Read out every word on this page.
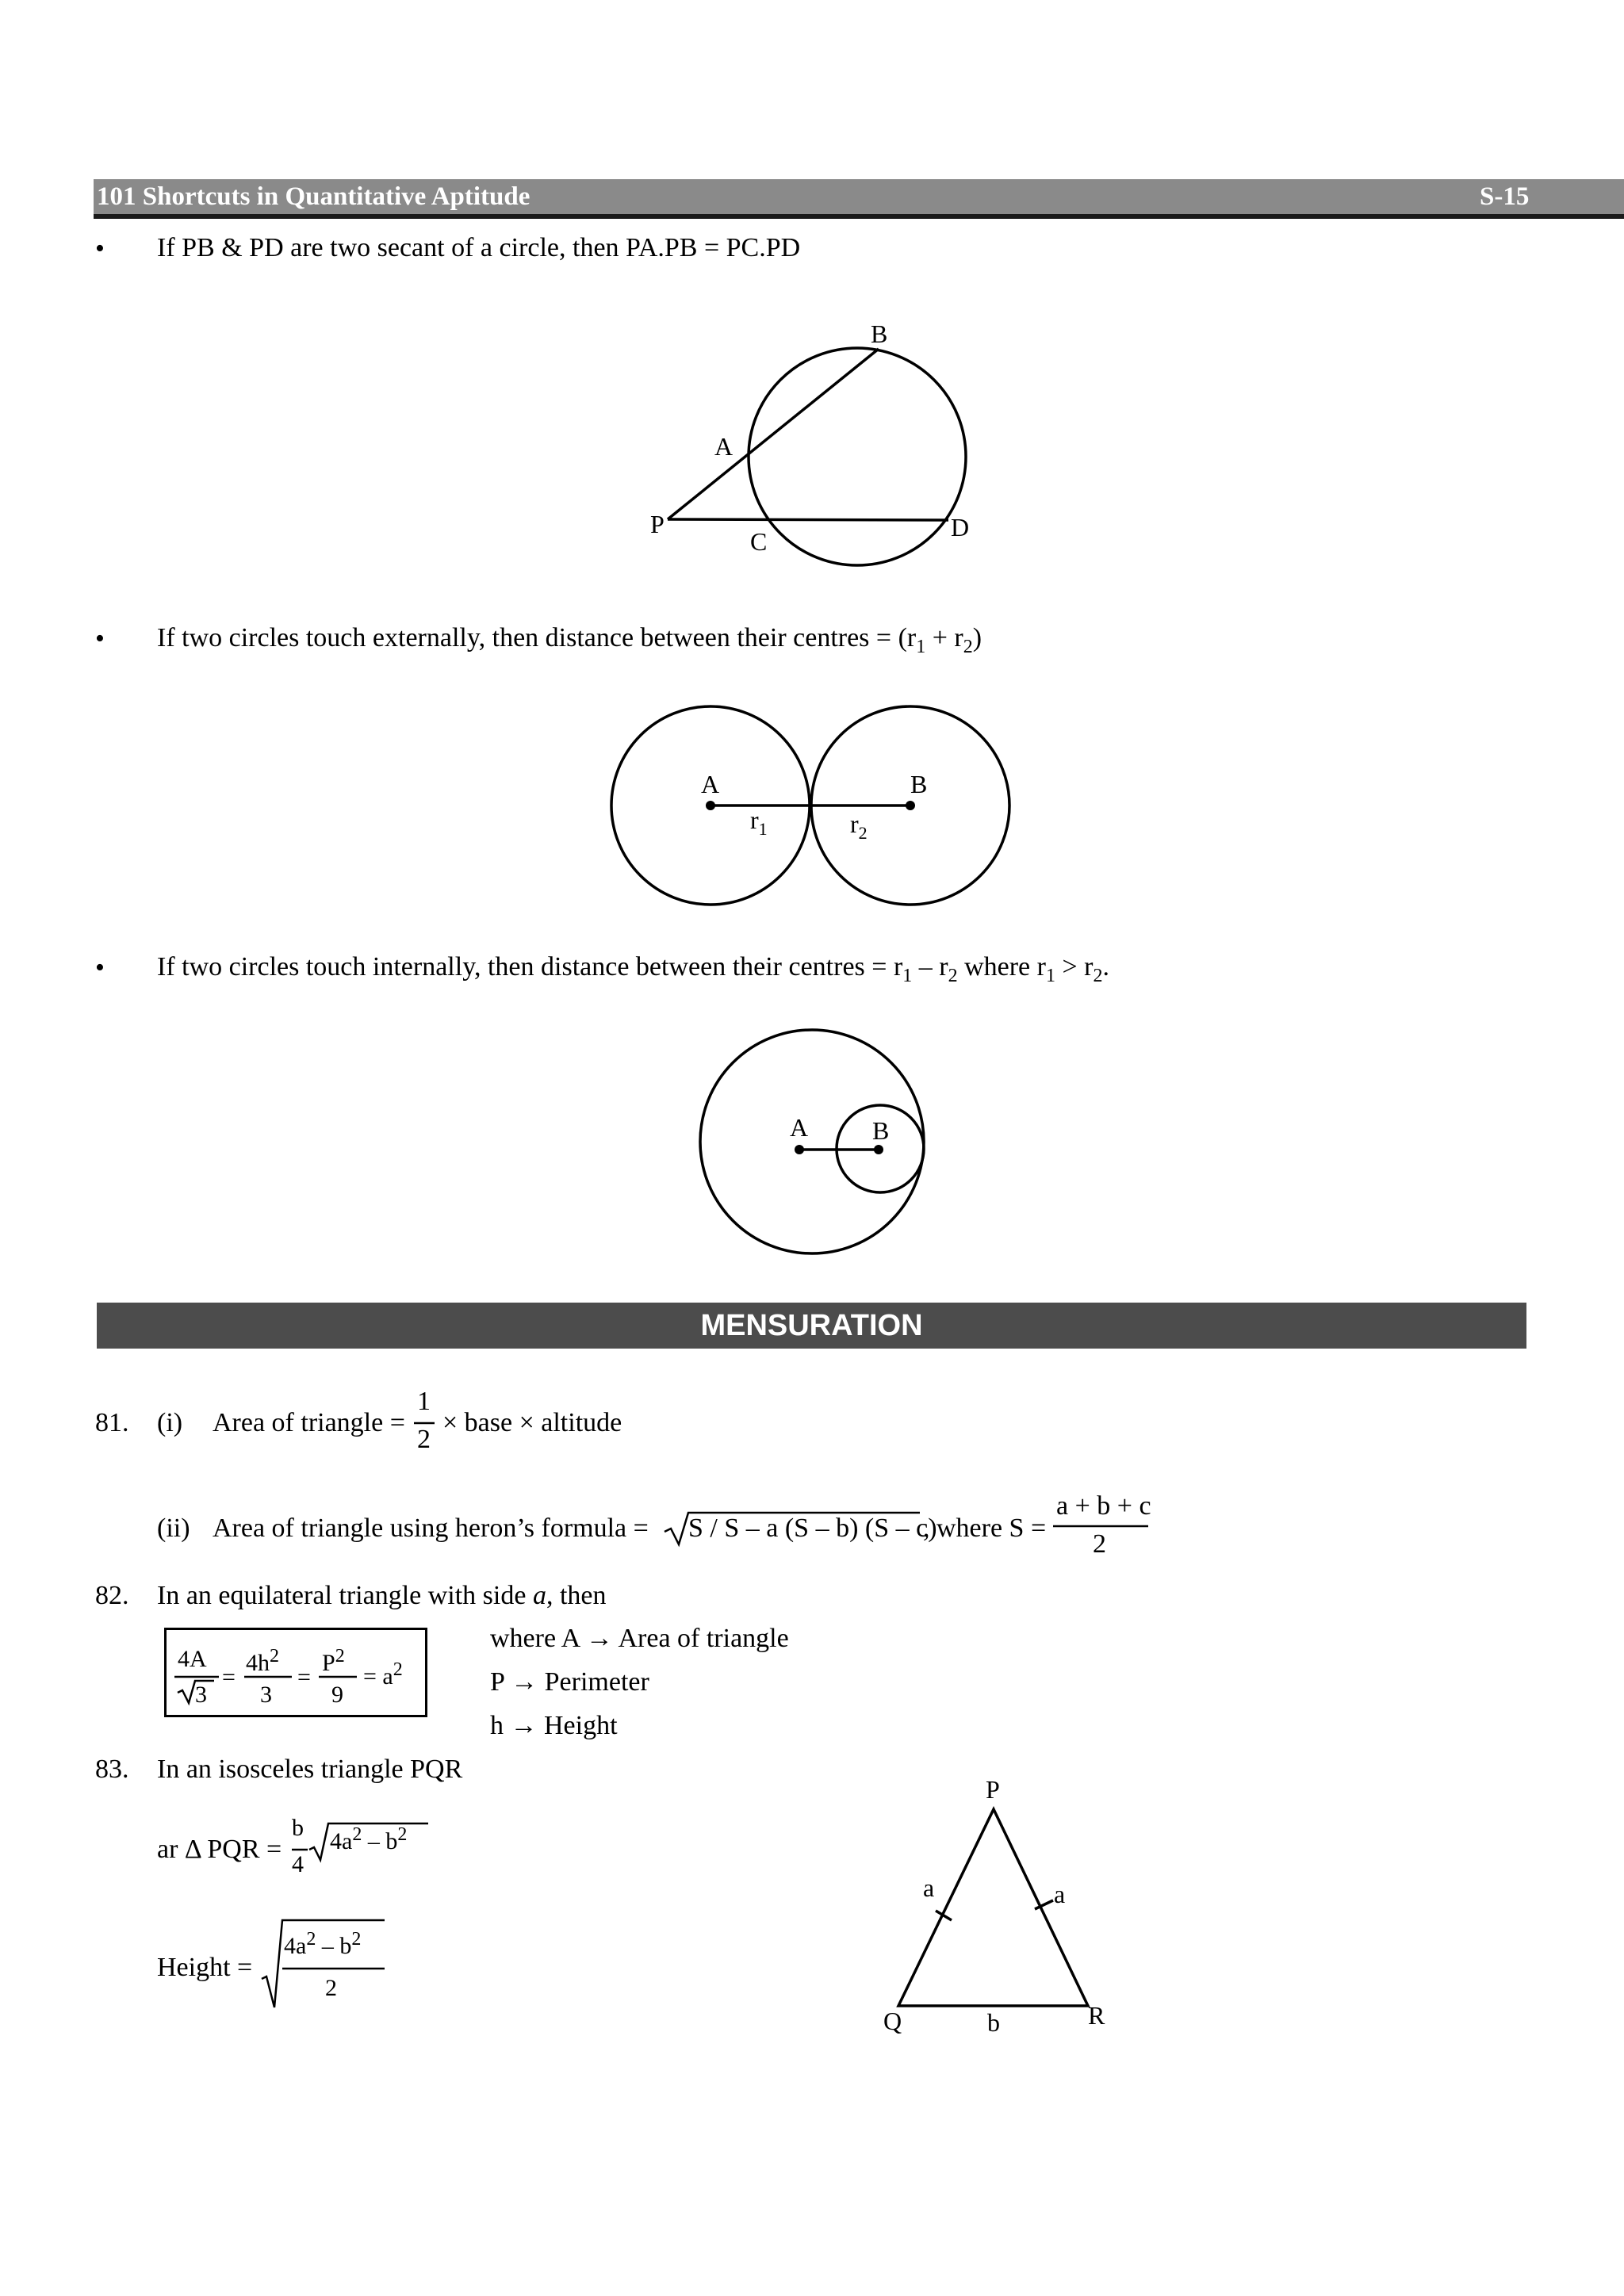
101 Shortcuts in Quantitative Aptitude	S-15
• If PB & PD are two secant of a circle, then PA.PB = PC.PD
• If two circles touch externally, then distance between their centres = $(r_1 + r_2)$
• If two circles touch internally, then distance between their centres = $r_1 - r_2$ where $r_1 > r_2$.
MENSURATION
B
A
P
C	D
A	B
$r_1$	$r_2$
A	B
P
Q	R
a	a
b
81. (i) Area of triangle =
1
2
× base × altitude
(ii) Area of triangle using heron’s formula = S / S – a (S – b) (S – c)
, where S =
a + b + c
2
82. In an equilateral triangle with side a, then
4A
3
=
$4h^2$
3
=
$P^2$
9
= $a^2$
where A → Area of triangle
P → Perimeter
h → Height
83. In an isosceles triangle PQR
ar Δ PQR =
b
4
$4a^2 - b^2$
Height =
$4a^2 - b^2$
2
